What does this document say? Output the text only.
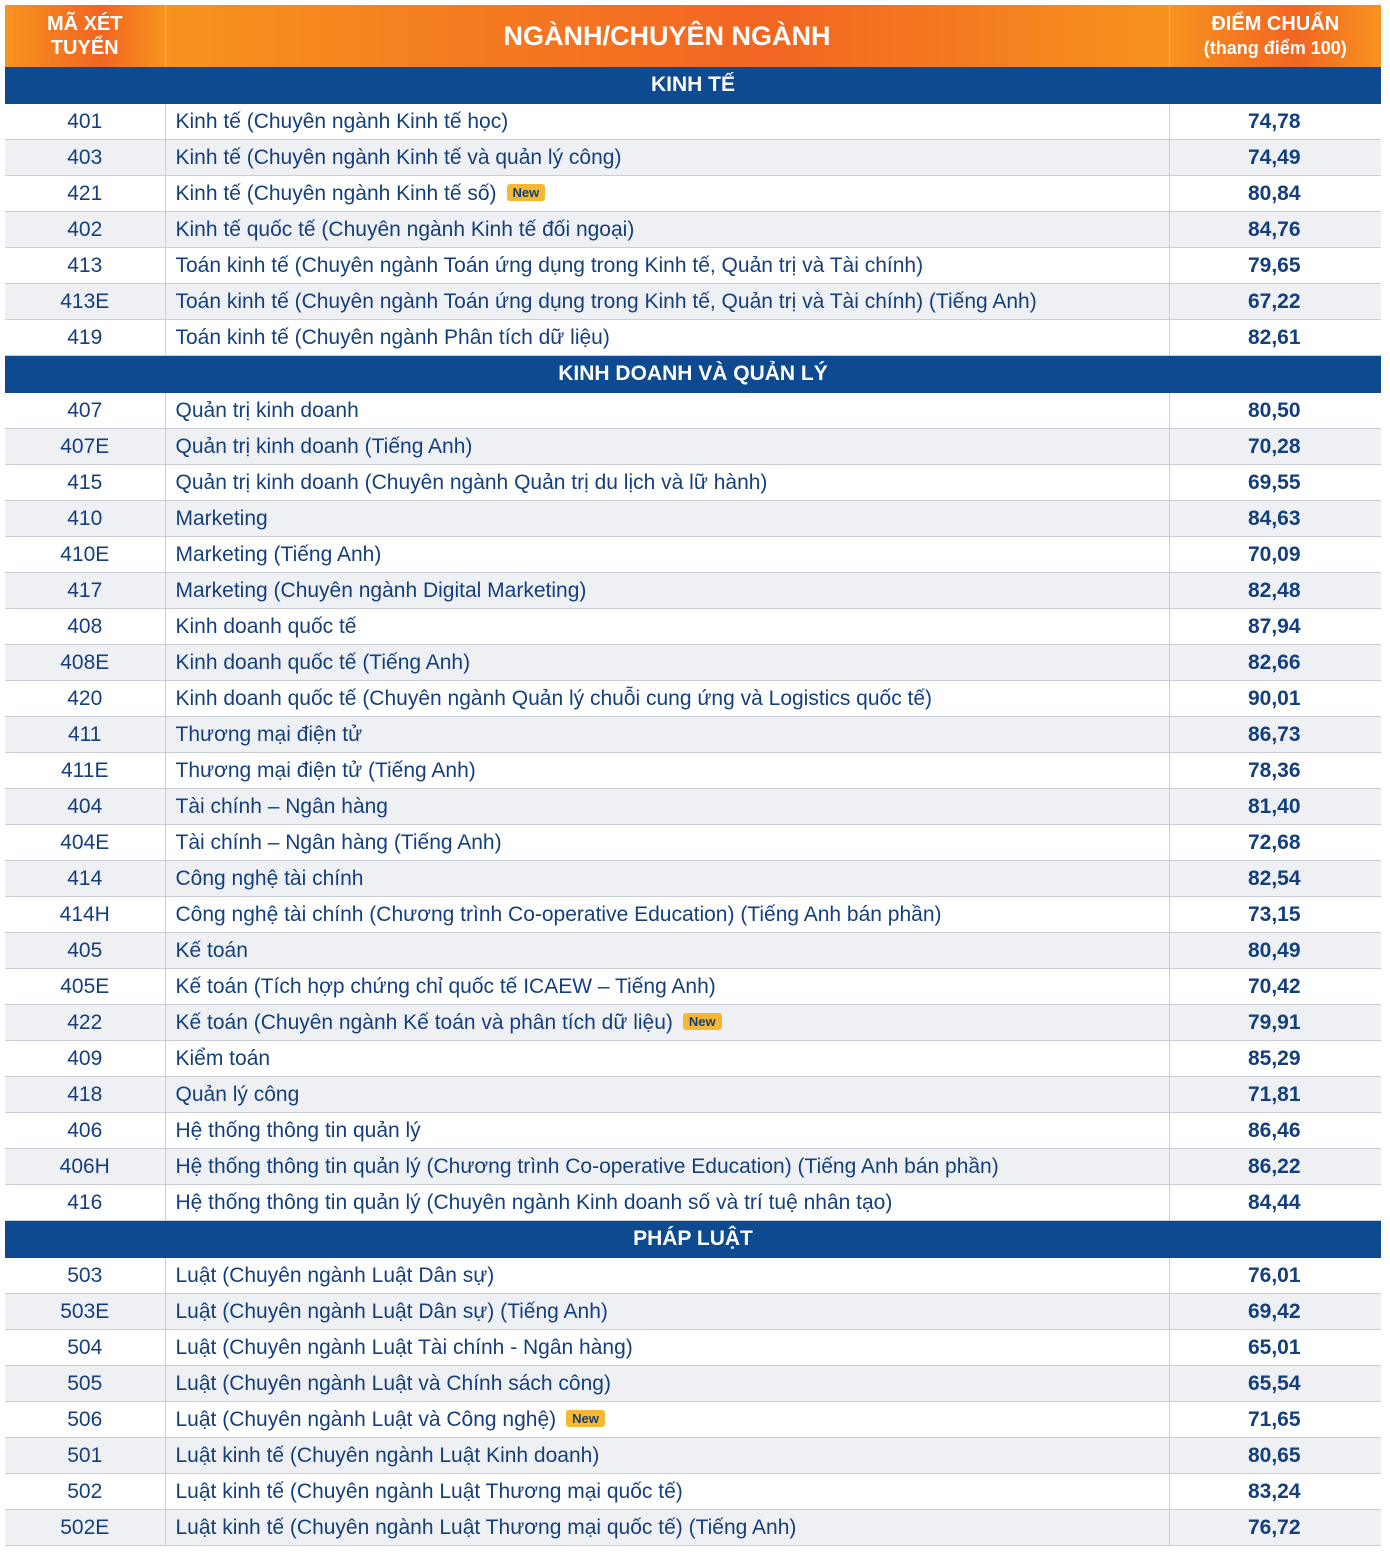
MÃ XÉT
TUYỂN	NGÀNH/CHUYÊN NGÀNH	ĐIỂM CHUẨN
(thang điểm 100)

KINH TẾ		
401	Kinh tế (Chuyên ngành Kinh tế học)	74,78
403	Kinh tế (Chuyên ngành Kinh tế và quản lý công)	74,49
421	Kinh tế (Chuyên ngành Kinh tế số) New	80,84
402	Kinh tế quốc tế (Chuyên ngành Kinh tế đối ngoại)	84,76
413	Toán kinh tế (Chuyên ngành Toán ứng dụng trong Kinh tế, Quản trị và Tài chính)	79,65
413E	Toán kinh tế (Chuyên ngành Toán ứng dụng trong Kinh tế, Quản trị và Tài chính) (Tiếng Anh)	67,22
419	Toán kinh tế (Chuyên ngành Phân tích dữ liệu)	82,61
KINH DOANH VÀ QUẢN LÝ		
407	Quản trị kinh doanh	80,50
407E	Quản trị kinh doanh (Tiếng Anh)	70,28
415	Quản trị kinh doanh (Chuyên ngành Quản trị du lịch và lữ hành)	69,55
410	Marketing	84,63
410E	Marketing (Tiếng Anh)	70,09
417	Marketing (Chuyên ngành Digital Marketing)	82,48
408	Kinh doanh quốc tế	87,94
408E	Kinh doanh quốc tế (Tiếng Anh)	82,66
420	Kinh doanh quốc tế (Chuyên ngành Quản lý chuỗi cung ứng và Logistics quốc tế)	90,01
411	Thương mại điện tử	86,73
411E	Thương mại điện tử (Tiếng Anh)	78,36
404	Tài chính – Ngân hàng	81,40
404E	Tài chính – Ngân hàng (Tiếng Anh)	72,68
414	Công nghệ tài chính	82,54
414H	Công nghệ tài chính (Chương trình Co-operative Education) (Tiếng Anh bán phần)	73,15
405	Kế toán	80,49
405E	Kế toán (Tích hợp chứng chỉ quốc tế ICAEW – Tiếng Anh)	70,42
422	Kế toán (Chuyên ngành Kế toán và phân tích dữ liệu) New	79,91
409	Kiểm toán	85,29
418	Quản lý công	71,81
406	Hệ thống thông tin quản lý	86,46
406H	Hệ thống thông tin quản lý (Chương trình Co-operative Education) (Tiếng Anh bán phần)	86,22
416	Hệ thống thông tin quản lý (Chuyên ngành Kinh doanh số và trí tuệ nhân tạo)	84,44
PHÁP LUẬT		
503	Luật (Chuyên ngành Luật Dân sự)	76,01
503E	Luật (Chuyên ngành Luật Dân sự) (Tiếng Anh)	69,42
504	Luật (Chuyên ngành Luật Tài chính - Ngân hàng)	65,01
505	Luật (Chuyên ngành Luật và Chính sách công)	65,54
506	Luật (Chuyên ngành Luật và Công nghệ) New	71,65
501	Luật kinh tế (Chuyên ngành Luật Kinh doanh)	80,65
502	Luật kinh tế (Chuyên ngành Luật Thương mại quốc tế)	83,24
502E	Luật kinh tế (Chuyên ngành Luật Thương mại quốc tế) (Tiếng Anh)	76,72
